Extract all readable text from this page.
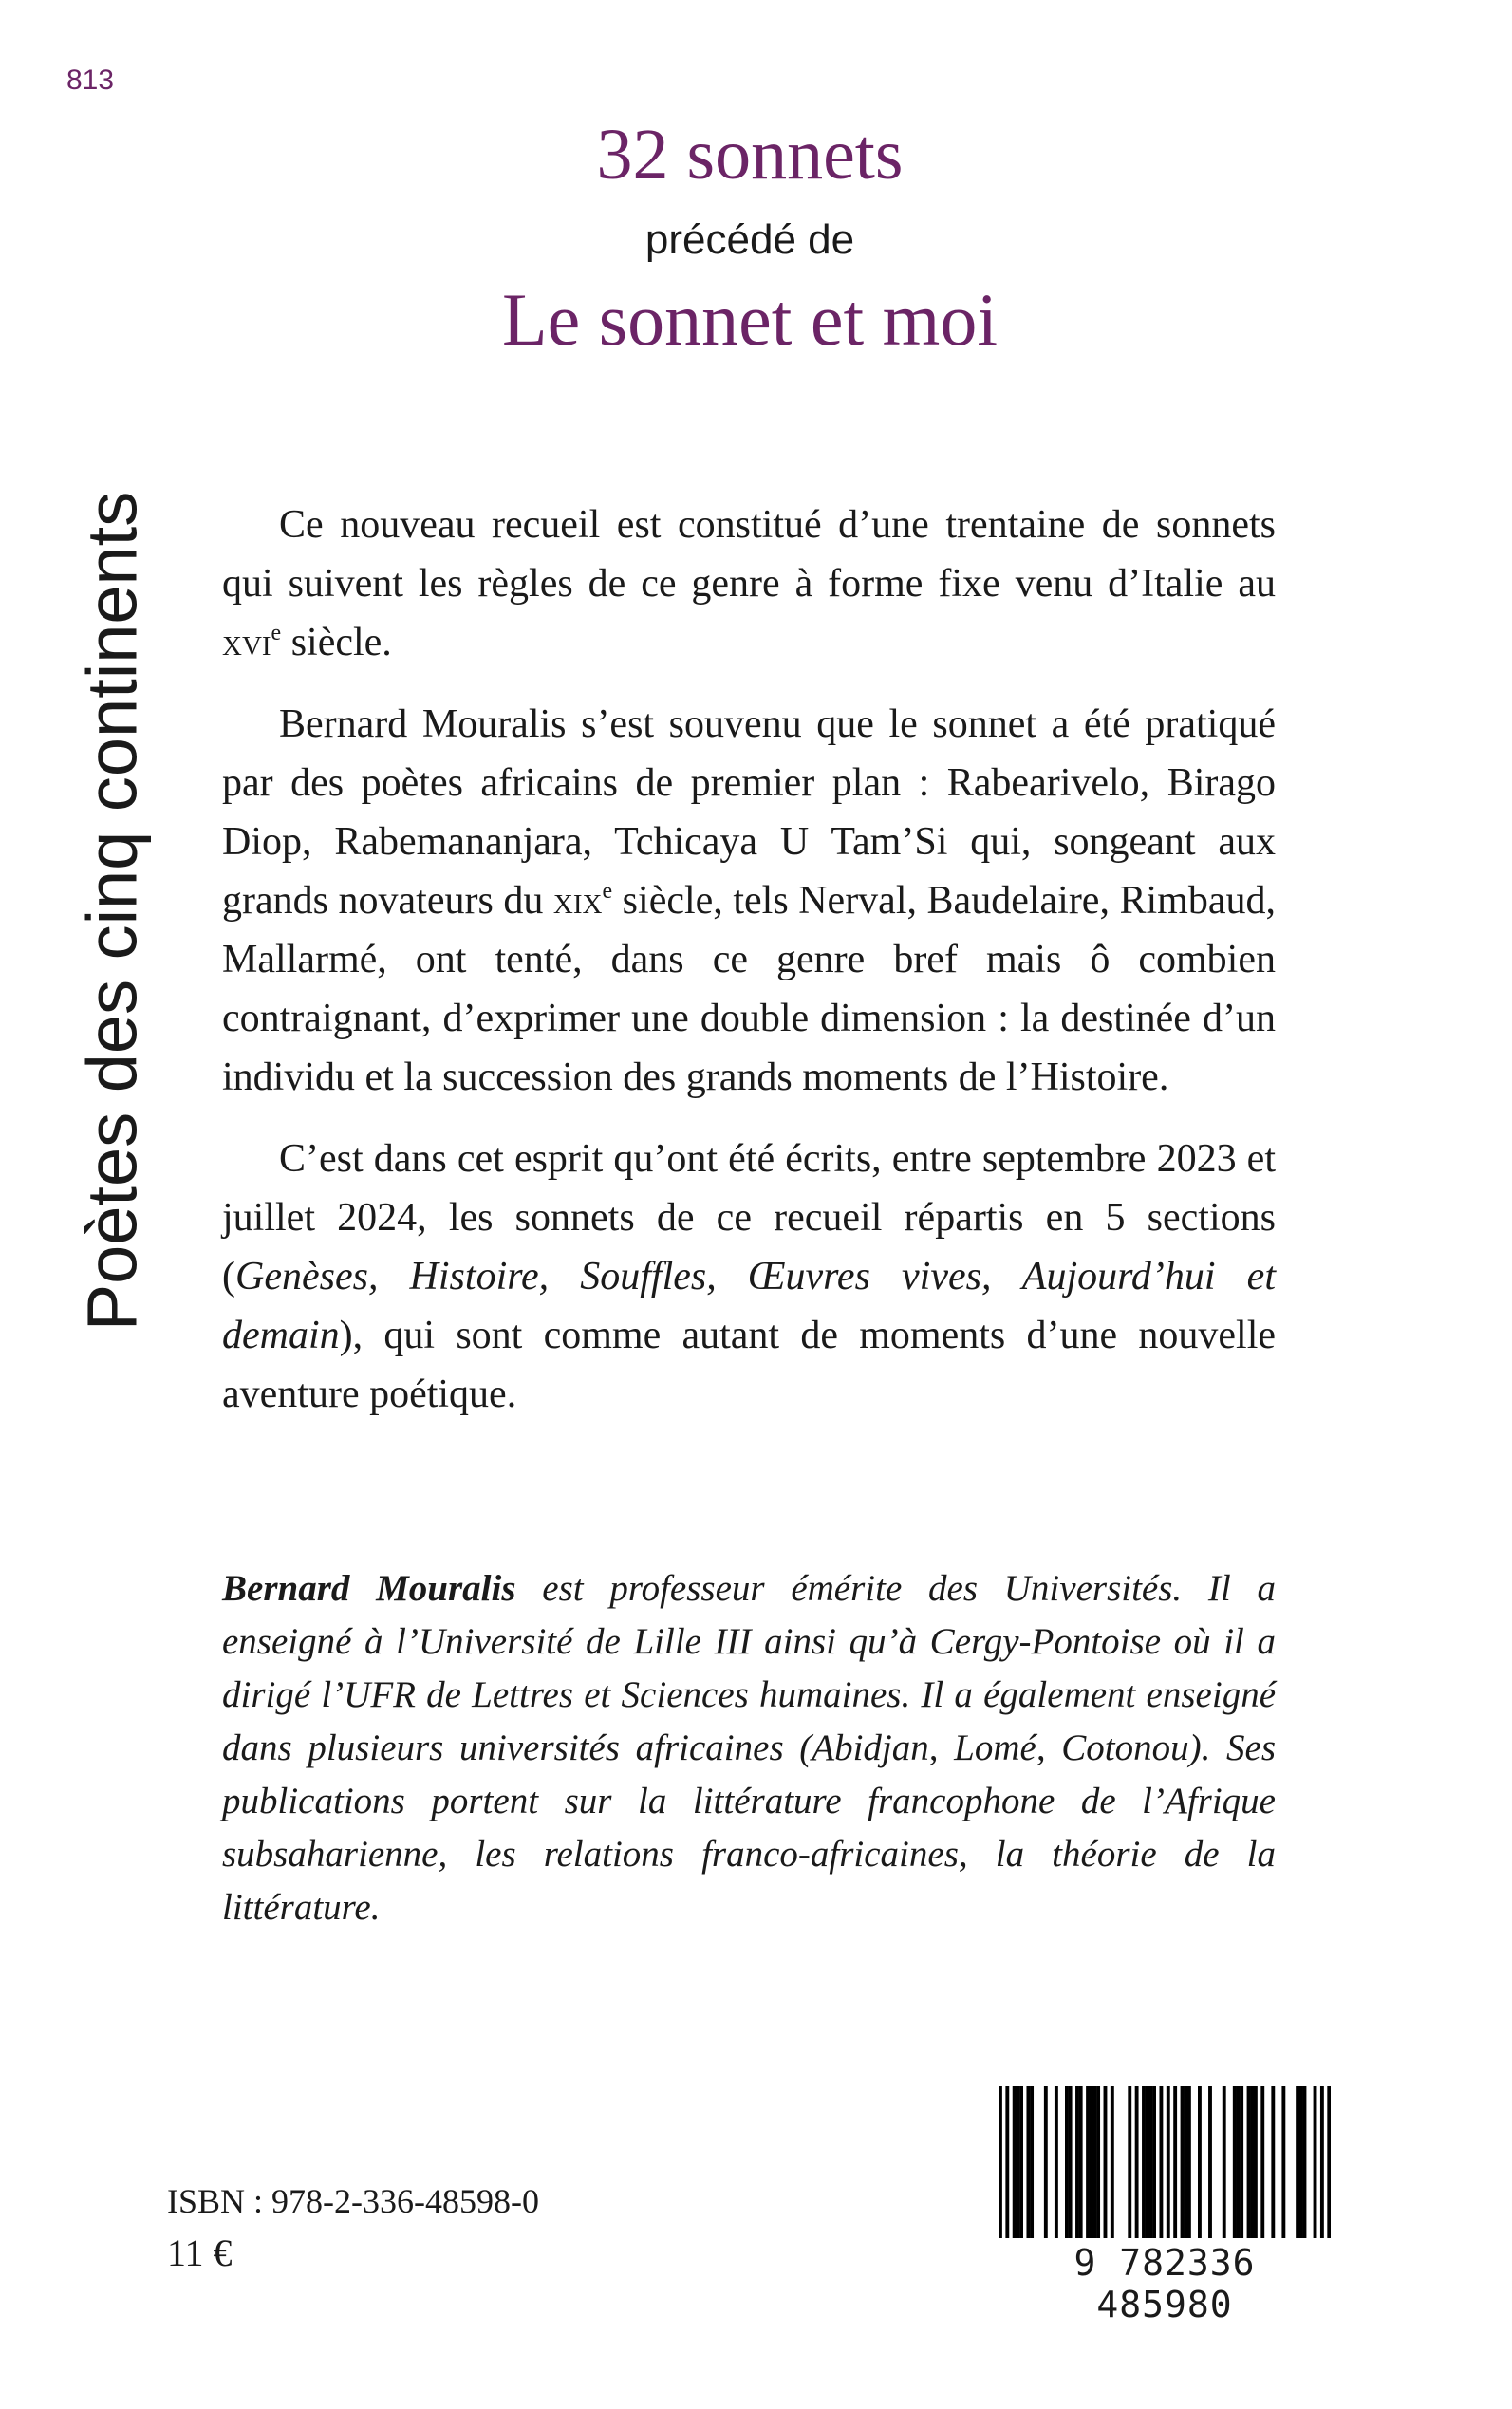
813
Poètes des cinq continents
32 sonnets
précédé de
Le sonnet et moi

Ce nouveau recueil est constitué d’une trentaine de sonnets qui suivent les règles de ce genre à forme fixe venu d’Italie au xvi$^e$ siècle.

Bernard Mouralis s’est souvenu que le sonnet a été pratiqué par des poètes africains de premier plan : Rabearivelo, Birago Diop, Rabemananjara, Tchicaya U Tam’Si qui, songeant aux grands novateurs du xix$^e$ siècle, tels Nerval, Baudelaire, Rimbaud, Mallarmé, ont tenté, dans ce genre bref mais ô combien contraignant, d’exprimer une double dimension : la destinée d’un individu et la succession des grands moments de l’Histoire.

C’est dans cet esprit qu’ont été écrits, entre septembre 2023 et juillet 2024, les sonnets de ce recueil répartis en 5 sections (Genèses, Histoire, Souffles, Œuvres vives, Aujourd’hui et demain), qui sont comme autant de moments d’une nouvelle aventure poétique.

Bernard Mouralis est professeur émérite des Universités. Il a enseigné à l’Université de Lille III ainsi qu’à Cergy-Pontoise où il a dirigé l’UFR de Lettres et Sciences humaines. Il a également enseigné dans plusieurs universités africaines (Abidjan, Lomé, Cotonou). Ses publications portent sur la littérature francophone de l’Afrique subsaharienne, les relations franco-africaines, la théorie de la littérature.
ISBN : 978-2-336-48598-0
11 €	9 782336 485980
